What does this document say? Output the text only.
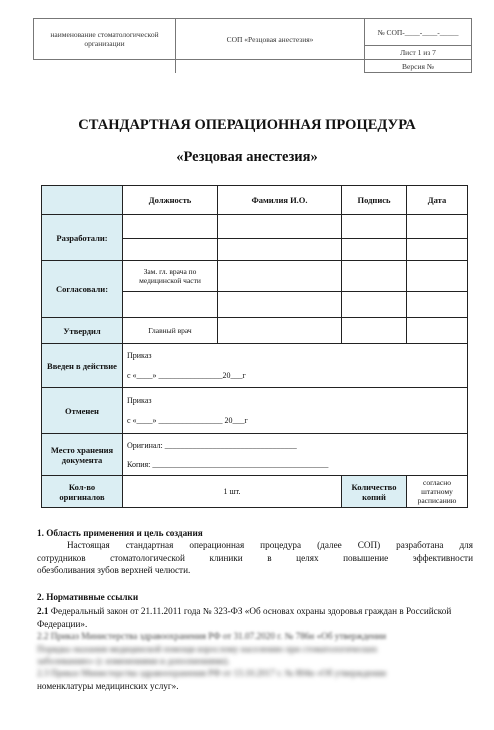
наименование стоматологической организации	СОП «Резцовая анестезия»	№ СОП-____-____-_____
		Лист 1 из 7
		Версия №
СТАНДАРТНАЯ ОПЕРАЦИОННАЯ ПРОЦЕДУРА
«Резцовая анестезия»
	Должность	Фамилия И.О.	Подпись	Дата
Разработали:				

Согласовали:	Зам. гл. врача по медицинской части			

Утвердил	Главный врач			
Введен в действие	Приказ
с «____» ________________20___г			

Отменен	Приказ
с «____» ________________ 20___г			

Место хранения документа	Оригинал: _________________________________
Копия: ____________________________________________			

Кол-во оригиналов	1 шт.		Количество копий	согласно штатному расписанию

1. Область применения и цель создания

Настоящая стандартная операционная процедура (далее СОП) разработана для

сотрудников стоматологической клиники в целях повышение эффективности

обезболивания зубов верхней челюсти.

2. Нормативные ссылки

2.1 Федеральный закон от 21.11.2011 года № 323-ФЗ «Об основах охраны здоровья граждан в Российской Федерации».

2.2 Приказ Министерства здравоохранения РФ от 31.07.2020 г. № 786н «Об утверждении

Порядка оказания медицинской помощи взрослому населению при стоматологических

заболеваниях» (с изменениями и дополнениями).

2.3 Приказ Министерства здравоохранения РФ от 13.10.2017 г. № 804н «Об утверждении

номенклатуры медицинских услуг».
